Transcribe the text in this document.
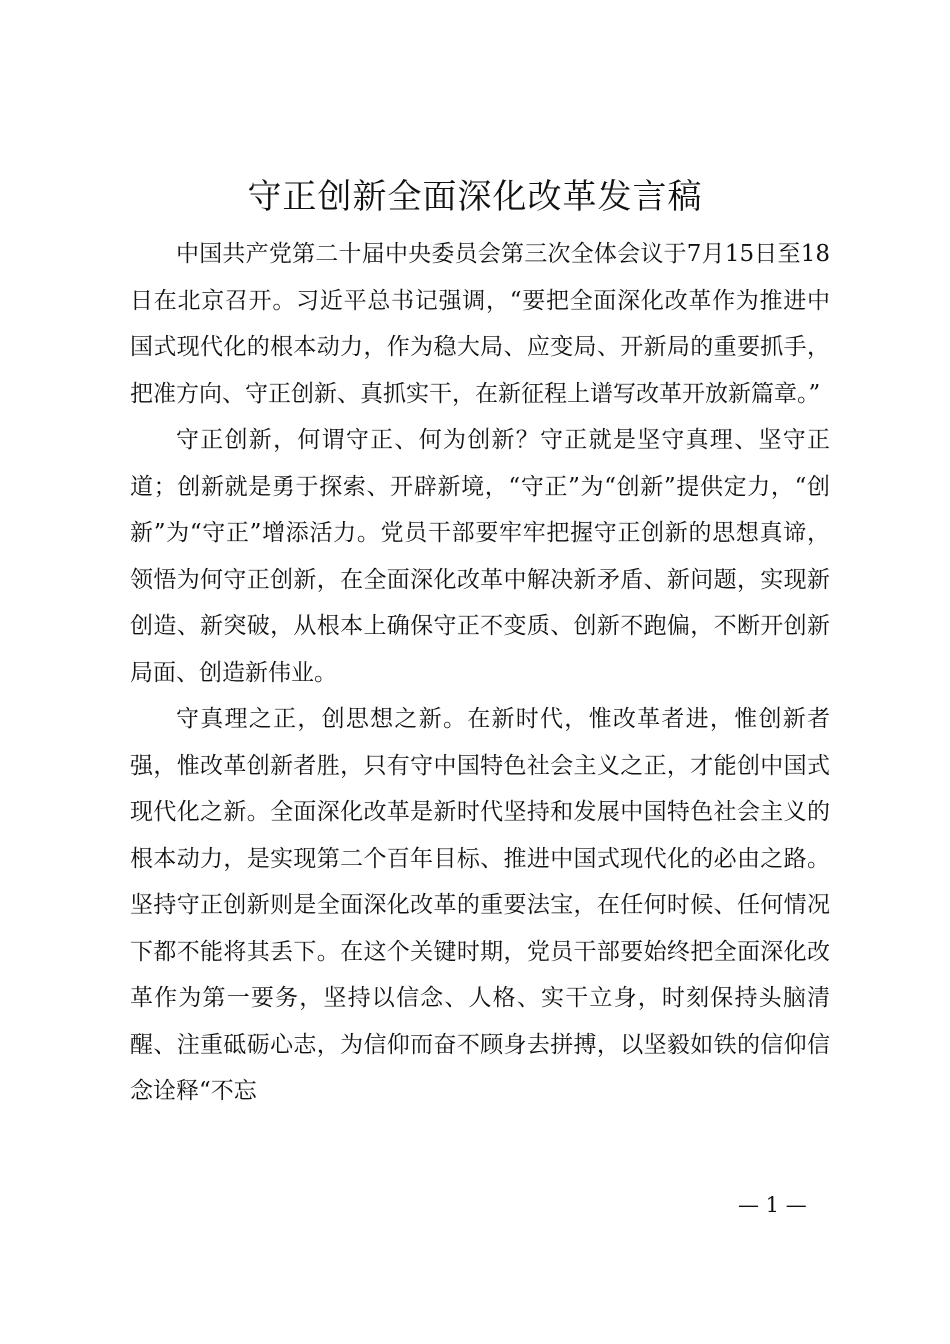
守正创新全面深化改革发言稿

中国共产党第二十届中央委员会第三次全体会议于7月15日至18日在北京召开。习近平总书记强调，“要把全面深化改革作为推进中国式现代化的根本动力，作为稳大局、应变局、开新局的重要抓手，把准方向、守正创新、真抓实干，在新征程上谱写改革开放新篇章。”

守正创新，何谓守正、何为创新？守正就是坚守真理、坚守正道；创新就是勇于探索、开辟新境，“守正”为“创新”提供定力，“创新”为“守正”增添活力。党员干部要牢牢把握守正创新的思想真谛，领悟为何守正创新，在全面深化改革中解决新矛盾、新问题，实现新创造、新突破，从根本上确保守正不变质、创新不跑偏，不断开创新局面、创造新伟业。

守真理之正，创思想之新。在新时代，惟改革者进，惟创新者强，惟改革创新者胜，只有守中国特色社会主义之正，才能创中国式现代化之新。全面深化改革是新时代坚持和发展中国特色社会主义的根本动力，是实现第二个百年目标、推进中国式现代化的必由之路。坚持守正创新则是全面深化改革的重要法宝，在任何时候、任何情况下都不能将其丢下。在这个关键时期，党员干部要始终把全面深化改革作为第一要务，坚持以信念、人格、实干立身，时刻保持头脑清醒、注重砥砺心志，为信仰而奋不顾身去拼搏，以坚毅如铁的信仰信念诠释“不忘

— 1 —
